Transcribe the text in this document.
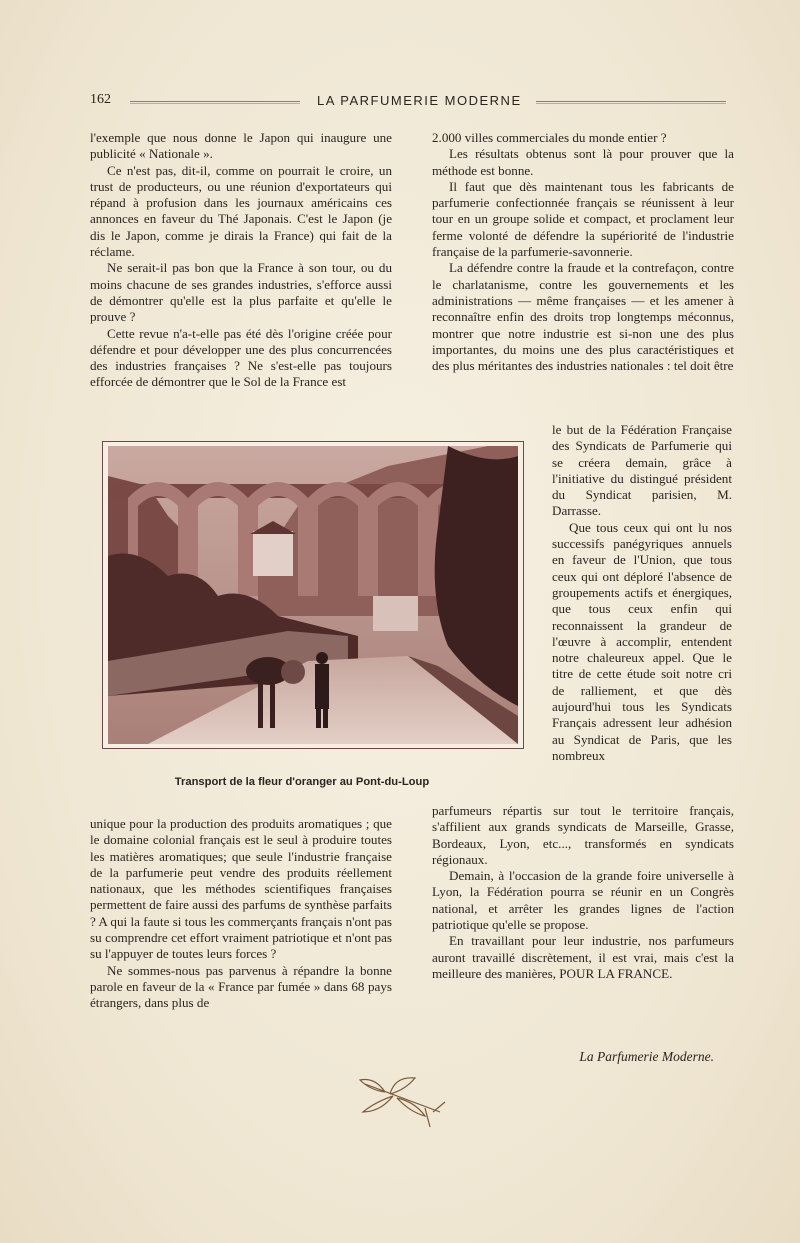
162	LA PARFUMERIE MODERNE

l'exemple que nous donne le Japon qui inaugure une publicité « Nationale ».

Ce n'est pas, dit-il, comme on pourrait le croire, un trust de producteurs, ou une réunion d'exportateurs qui répand à profusion dans les journaux américains ces annonces en faveur du Thé Japonais. C'est le Japon (je dis le Japon, comme je dirais la France) qui fait de la réclame.

Ne serait-il pas bon que la France à son tour, ou du moins chacune de ses grandes industries, s'efforce aussi de démontrer qu'elle est la plus parfaite et qu'elle le prouve ?

Cette revue n'a-t-elle pas été dès l'origine créée pour défendre et pour développer une des plus concurrencées des industries françaises ? Ne s'est-elle pas toujours efforcée de démontrer que le Sol de la France est

Transport de la fleur d'oranger au Pont-du-Loup

unique pour la production des produits aromatiques ; que le domaine colonial français est le seul à produire toutes les matières aromatiques; que seule l'industrie française de la parfumerie peut vendre des produits réellement nationaux, que les méthodes scientifiques françaises permettent de faire aussi des parfums de synthèse parfaits ? A qui la faute si tous les commerçants français n'ont pas su comprendre cet effort vraiment patriotique et n'ont pas su l'appuyer de toutes leurs forces ?

Ne sommes-nous pas parvenus à répandre la bonne parole en faveur de la « France par fumée » dans 68 pays étrangers, dans plus de

2.000 villes commerciales du monde entier ?

Les résultats obtenus sont là pour prouver que la méthode est bonne.

Il faut que dès maintenant tous les fabricants de parfumerie confectionnée français se réunissent à leur tour en un groupe solide et compact, et proclament leur ferme volonté de défendre la supériorité de l'industrie française de la parfumerie-savonnerie.

La défendre contre la fraude et la contrefaçon, contre le charlatanisme, contre les gouvernements et les administrations — même françaises — et les amener à reconnaître enfin des droits trop longtemps méconnus, montrer que notre industrie est si-non une des plus importantes, du moins une des plus caractéristiques et des plus méritantes des industries nationales : tel doit être

le but de la Fédération Française des Syndicats de Parfumerie qui se créera demain, grâce à l'initiative du distingué président du Syndicat parisien, M. Darrasse.

Que tous ceux qui ont lu nos successifs panégyriques annuels en faveur de l'Union, que tous ceux qui ont déploré l'absence de groupements actifs et énergiques, que tous ceux enfin qui reconnaissent la grandeur de l'œuvre à accomplir, entendent notre chaleureux appel. Que le titre de cette étude soit notre cri de ralliement, et que dès aujourd'hui tous les Syndicats Français adressent leur adhésion au Syndicat de Paris, que les nombreux

parfumeurs répartis sur tout le territoire français, s'affilient aux grands syndicats de Marseille, Grasse, Bordeaux, Lyon, etc..., transformés en syndicats régionaux.

Demain, à l'occasion de la grande foire universelle à Lyon, la Fédération pourra se réunir en un Congrès national, et arrêter les grandes lignes de l'action patriotique qu'elle se propose.

En travaillant pour leur industrie, nos parfumeurs auront travaillé discrètement, il est vrai, mais c'est la meilleure des manières, POUR LA FRANCE.

La Parfumerie Moderne.
